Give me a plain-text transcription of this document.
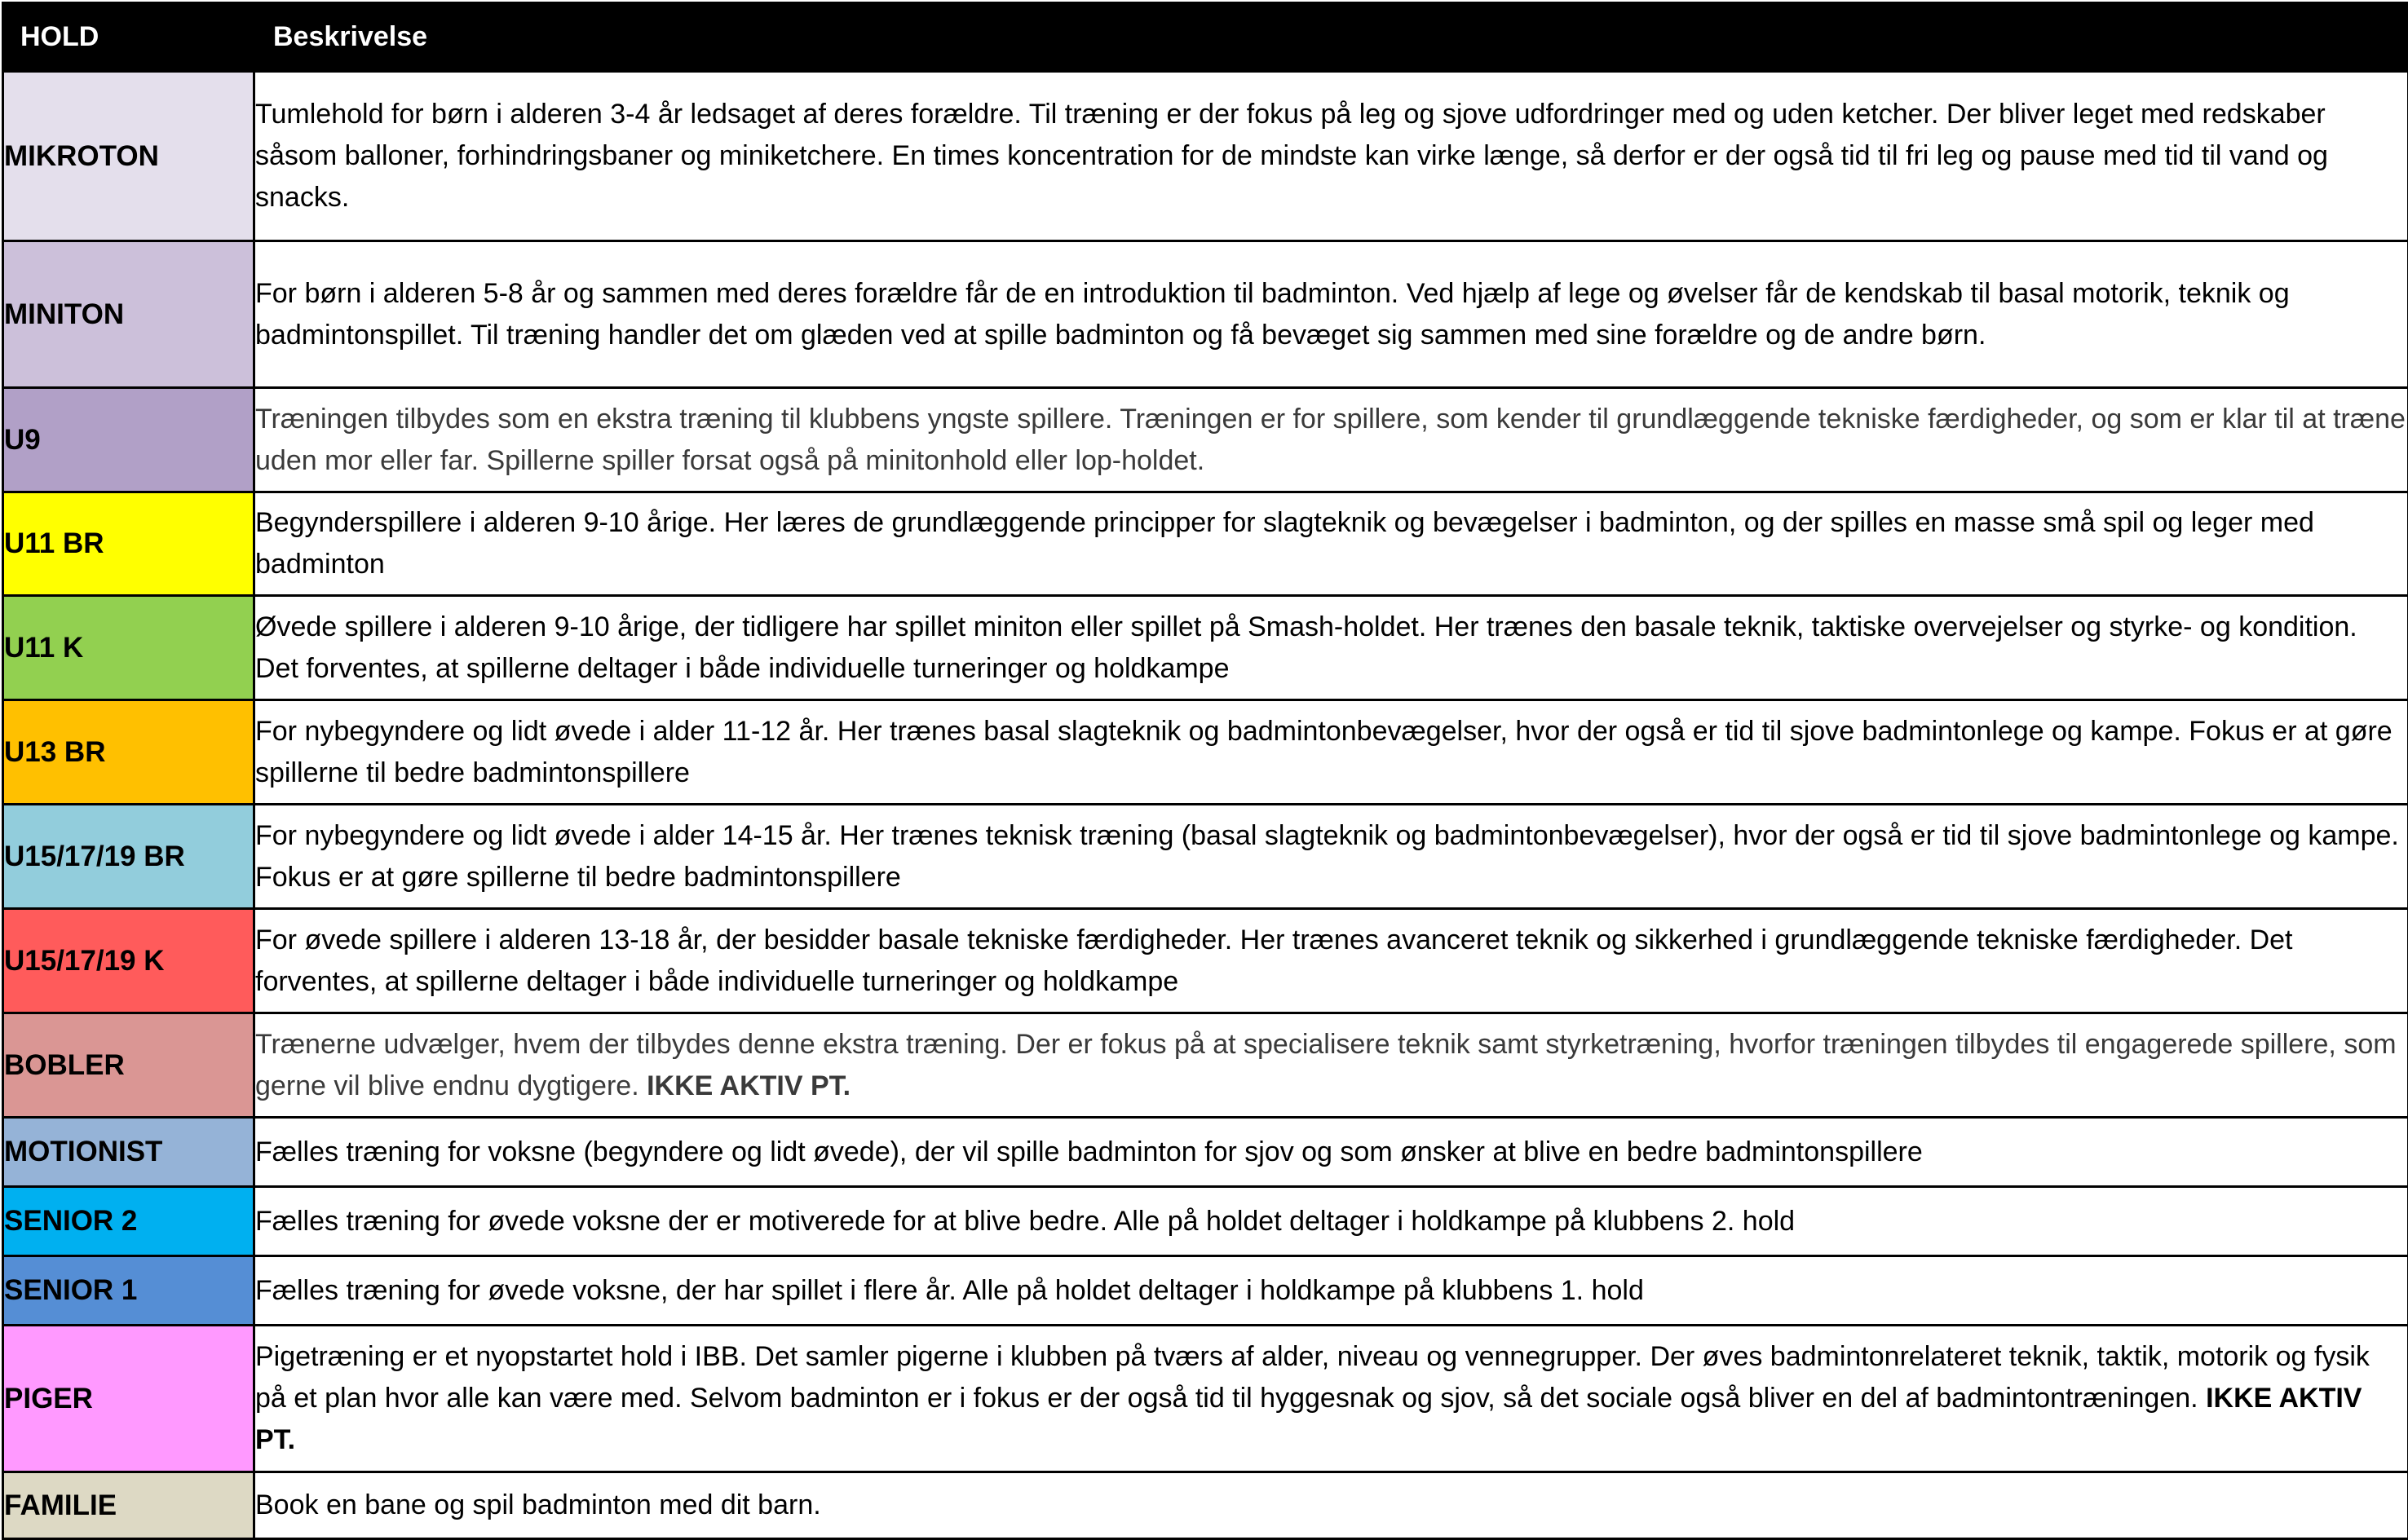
HOLD	Beskrivelse
MIKROTON	Tumlehold for børn i alderen 3-4 år ledsaget af deres forældre. Til træning er der fokus på leg og sjove udfordringer med og uden ketcher. Der bliver leget med redskaber såsom balloner, forhindringsbaner og miniketchere. En times koncentration for de mindste kan virke længe, så derfor er der også tid til fri leg og pause med tid til vand og snacks.
MINITON	For børn i alderen 5-8 år og sammen med deres forældre får de en introduktion til badminton. Ved hjælp af lege og øvelser får de kendskab til basal motorik, teknik og badmintonspillet. Til træning handler det om glæden ved at spille badminton og få bevæget sig sammen med sine forældre og de andre børn.
U9	Træningen tilbydes som en ekstra træning til klubbens yngste spillere. Træningen er for spillere, som kender til grundlæggende tekniske færdigheder, og som er klar til at træne uden mor eller far. Spillerne spiller forsat også på minitonhold eller lop-holdet.
U11 BR	Begynderspillere i alderen 9-10 årige. Her læres de grundlæggende principper for slagteknik og bevægelser i badminton, og der spilles en masse små spil og leger med badminton
U11 K	Øvede spillere i alderen 9-10 årige, der tidligere har spillet miniton eller spillet på Smash-holdet. Her trænes den basale teknik, taktiske overvejelser og styrke- og kondition. Det forventes, at spillerne deltager i både individuelle turneringer og holdkampe
U13 BR	For nybegyndere og lidt øvede i alder 11-12 år. Her trænes basal slagteknik og badmintonbevægelser, hvor der også er tid til sjove badmintonlege og kampe. Fokus er at gøre spillerne til bedre badmintonspillere
U15/17/19 BR	For nybegyndere og lidt øvede i alder 14-15 år. Her trænes teknisk træning (basal slagteknik og badmintonbevægelser), hvor der også er tid til sjove badmintonlege og kampe. Fokus er at gøre spillerne til bedre badmintonspillere
U15/17/19 K	For øvede spillere i alderen 13-18 år, der besidder basale tekniske færdigheder. Her trænes avanceret teknik og sikkerhed i grundlæggende tekniske færdigheder. Det forventes, at spillerne deltager i både individuelle turneringer og holdkampe
BOBLER	Trænerne udvælger, hvem der tilbydes denne ekstra træning. Der er fokus på at specialisere teknik samt styrketræning, hvorfor træningen tilbydes til engagerede spillere, som gerne vil blive endnu dygtigere. IKKE AKTIV PT.
MOTIONIST	Fælles træning for voksne (begyndere og lidt øvede), der vil spille badminton for sjov og som ønsker at blive en bedre badmintonspillere
SENIOR 2	Fælles træning for øvede voksne der er motiverede for at blive bedre. Alle på holdet deltager i holdkampe på klubbens 2. hold
SENIOR 1	Fælles træning for øvede voksne, der har spillet i flere år. Alle på holdet deltager i holdkampe på klubbens 1. hold
PIGER	Pigetræning er et nyopstartet hold i IBB. Det samler pigerne i klubben på tværs af alder, niveau og vennegrupper. Der øves badmintonrelateret teknik, taktik, motorik og fysik på et plan hvor alle kan være med. Selvom badminton er i fokus er der også tid til hyggesnak og sjov, så det sociale også bliver en del af badmintontræningen. IKKE AKTIV PT.
FAMILIE	Book en bane og spil badminton med dit barn.
